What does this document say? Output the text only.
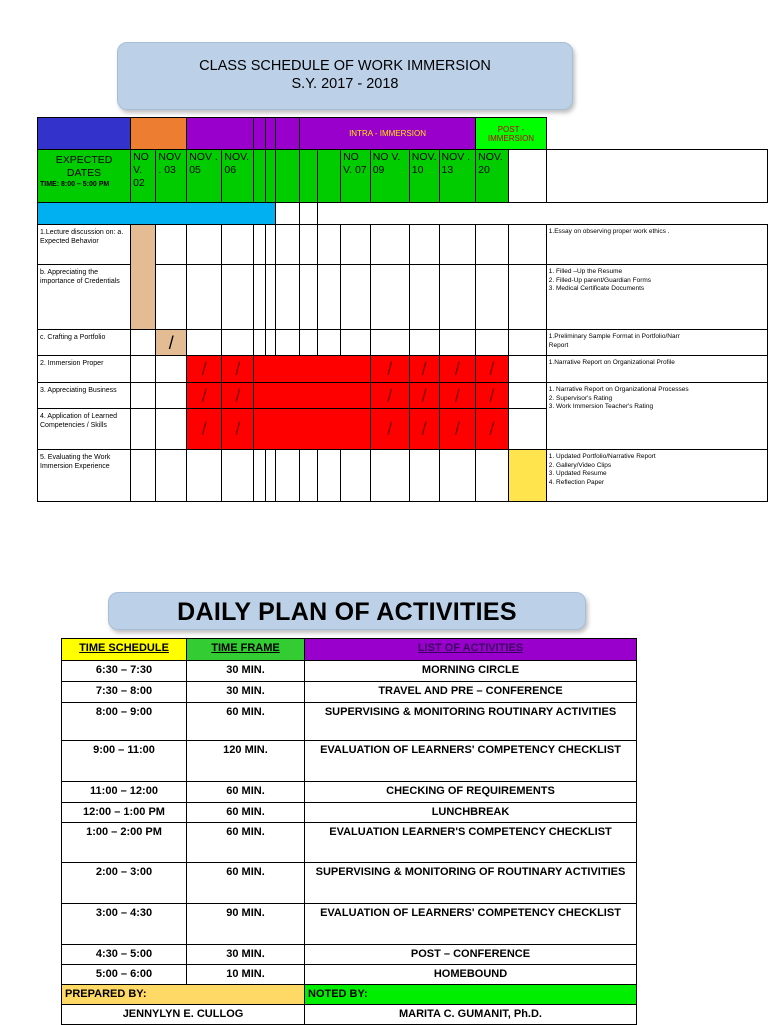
CLASS SCHEDULE OF WORK IMMERSION
S.Y. 2017 - 2018
								INTRA - IMMERSION						POST - IMMERSION		
EXPECTED DATES
TIME: 8:00 – 5:00 PM	NO V. 02	NOV . 03	NOV . 05	NOV. 06						NO V. 07	NO V. 09	NOV. 10	NOV . 13	NOV. 20		

1.Lecture discussion on: a. Expected Behavior																1.Essay on observing proper work ethics .

b. Appreciating the importance of Credentials																1. Filled –Up the Resume
2. Filled-Up parent/Guardian Forms
3. Medical Certificate Documents

c. Crafting a Portfolio		/														1.Preliminary Sample Format in Portfolio/Narr
Report

2. Immersion Proper			/	/							/	/	/	/		1.Narrative Report on Organizational Profile

3. Appreciating Business			/	/							/	/	/	/		1. Narrative Report on Organizational Processes
2. Supervisor's Rating
3. Work Immersion Teacher's Rating

4. Application of Learned Competencies / Skills			/	/							/	/	/	/		
5. Evaluating the Work Immersion Experience																1. Updated Portfolio/Narrative Report
2. Gallery/Video Clips
3. Updated Resume
4. Reflection Paper
DAILY PLAN OF ACTIVITIES
TIME SCHEDULE	TIME FRAME	LIST OF ACTIVITIES
6:30 – 7:30	30 MIN.	MORNING CIRCLE
7:30 – 8:00	30 MIN.	TRAVEL AND PRE – CONFERENCE
8:00 – 9:00	60 MIN.	SUPERVISING & MONITORING ROUTINARY ACTIVITIES
9:00 – 11:00	120 MIN.	EVALUATION OF LEARNERS' COMPETENCY CHECKLIST
11:00 – 12:00	60 MIN.	CHECKING OF REQUIREMENTS
12:00 – 1:00 PM	60 MIN.	LUNCHBREAK
1:00 – 2:00 PM	60 MIN.	EVALUATION LEARNER'S COMPETENCY CHECKLIST
2:00 – 3:00	60 MIN.	SUPERVISING & MONITORING OF ROUTINARY ACTIVITIES
3:00 – 4:30	90 MIN.	EVALUATION OF LEARNERS' COMPETENCY CHECKLIST
4:30 – 5:00	30 MIN.	POST – CONFERENCE
5:00 – 6:00	10 MIN.	HOMEBOUND
PREPARED BY:		NOTED BY:
JENNYLYN E. CULLOG		MARITA C. GUMANIT, Ph.D.
